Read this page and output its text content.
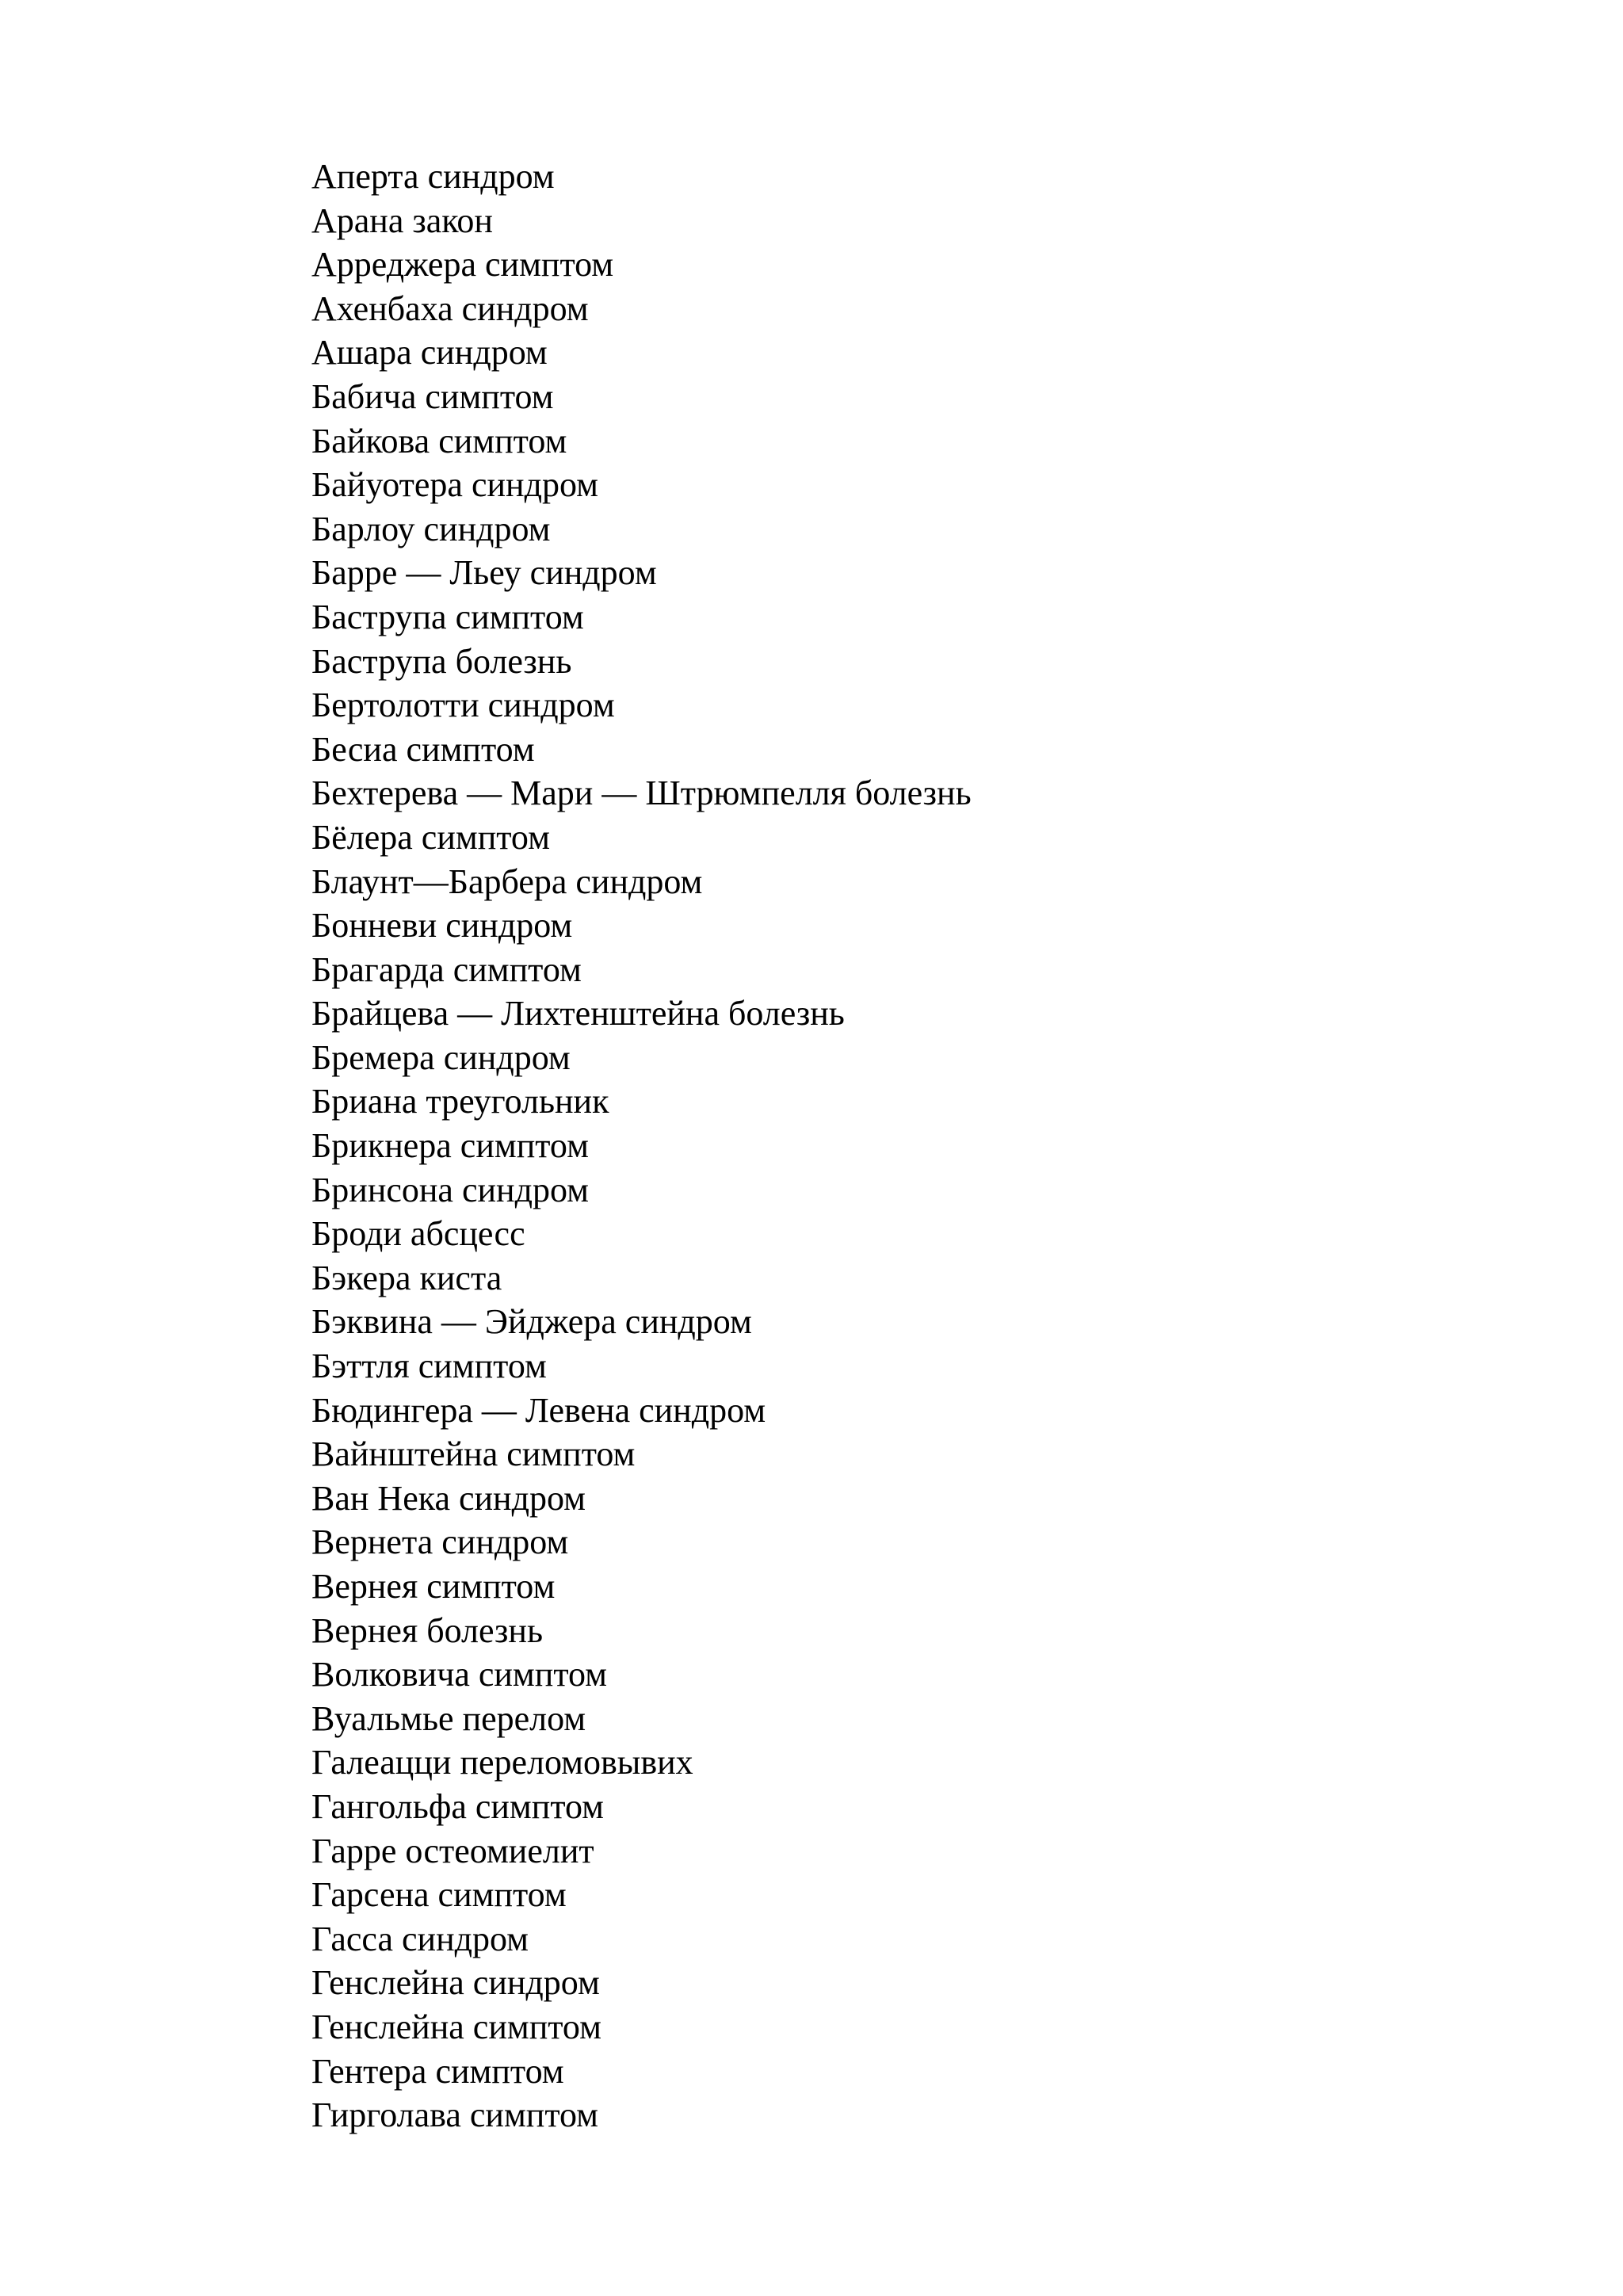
Аперта синдром
Арана закон
Арреджера симптом
Ахенбаха синдром
Ашара синдром
Бабича симптом
Байкова симптом
Байуотера синдром
Барлоу синдром
Барре — Льеу синдром
Баструпа симптом
Баструпа болезнь
Бертолотти синдром
Бесиа симптом
Бехтерева — Мари — Штрюмпелля болезнь
Бёлера симптом
Блаунт—Барбера синдром
Бонневи синдром
Брагарда симптом
Брайцева — Лихтенштейна болезнь
Бремера синдром
Бриана треугольник
Брикнера симптом
Бринсона синдром
Броди абсцесс
Бэкера киста
Бэквина — Эйджера синдром
Бэттля симптом
Бюдингера — Левена синдром
Вайнштейна симптом
Ван Нека синдром
Вернета синдром
Вернея симптом
Вернея болезнь
Волковича симптом
Вуальмье перелом
Галеацци переломовывих
Гангольфа симптом
Гарре остеомиелит
Гарсена симптом
Гасса синдром
Генслейна синдром
Генслейна симптом
Гентера симптом
Гирголава симптом
